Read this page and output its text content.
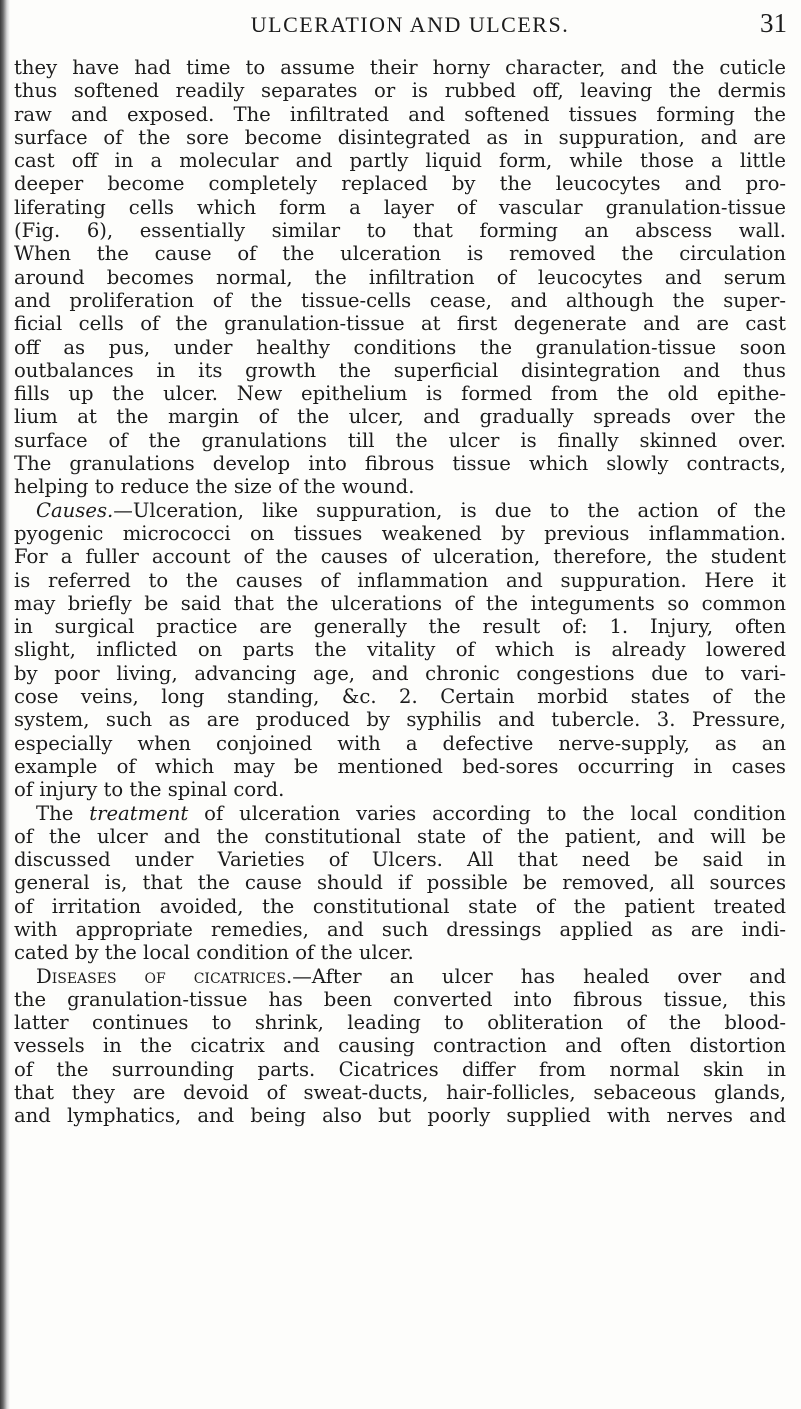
ULCERATION AND ULCERS.	31
they have had time to assume their horny character, and the cuticle
thus softened readily separates or is rubbed off, leaving the dermis
raw and exposed. The infiltrated and softened tissues forming the
surface of the sore become disintegrated as in suppuration, and are
cast off in a molecular and partly liquid form, while those a little
deeper become completely replaced by the leucocytes and pro-
liferating cells which form a layer of vascular granulation-tissue
(Fig. 6), essentially similar to that forming an abscess wall.
When the cause of the ulceration is removed the circulation
around becomes normal, the infiltration of leucocytes and serum
and proliferation of the tissue-cells cease, and although the super-
ficial cells of the granulation-tissue at first degenerate and are cast
off as pus, under healthy conditions the granulation-tissue soon
outbalances in its growth the superficial disintegration and thus
fills up the ulcer. New epithelium is formed from the old epithe-
lium at the margin of the ulcer, and gradually spreads over the
surface of the granulations till the ulcer is finally skinned over.
The granulations develop into fibrous tissue which slowly contracts,
helping to reduce the size of the wound.
Causes.—Ulceration, like suppuration, is due to the action of the
pyogenic micrococci on tissues weakened by previous inflammation.
For a fuller account of the causes of ulceration, therefore, the student
is referred to the causes of inflammation and suppuration. Here it
may briefly be said that the ulcerations of the integuments so common
in surgical practice are generally the result of: 1. Injury, often
slight, inflicted on parts the vitality of which is already lowered
by poor living, advancing age, and chronic congestions due to vari-
cose veins, long standing, &c. 2. Certain morbid states of the
system, such as are produced by syphilis and tubercle. 3. Pressure,
especially when conjoined with a defective nerve-supply, as an
example of which may be mentioned bed-sores occurring in cases
of injury to the spinal cord.
The treatment of ulceration varies according to the local condition
of the ulcer and the constitutional state of the patient, and will be
discussed under Varieties of Ulcers. All that need be said in
general is, that the cause should if possible be removed, all sources
of irritation avoided, the constitutional state of the patient treated
with appropriate remedies, and such dressings applied as are indi-
cated by the local condition of the ulcer.
Diseases of cicatrices.—After an ulcer has healed over and
the granulation-tissue has been converted into fibrous tissue, this
latter continues to shrink, leading to obliteration of the blood-
vessels in the cicatrix and causing contraction and often distortion
of the surrounding parts. Cicatrices differ from normal skin in
that they are devoid of sweat-ducts, hair-follicles, sebaceous glands,
and lymphatics, and being also but poorly supplied with nerves and
